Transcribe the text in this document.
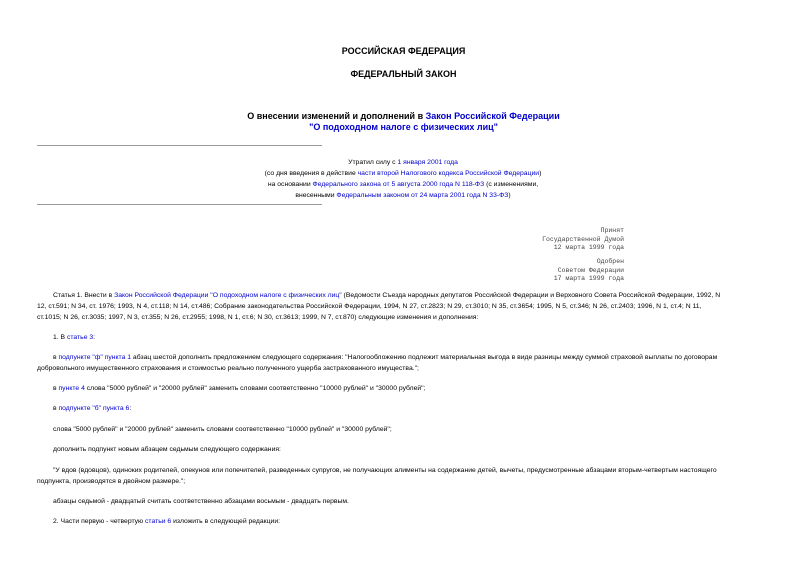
РОССИЙСКАЯ ФЕДЕРАЦИЯ
ФЕДЕРАЛЬНЫЙ ЗАКОН
О внесении изменений и дополнений в Закон Российской Федерации
"О подоходном налоге с физических лиц"
Утратил силу с 1 января 2001 года
(со дня введения в действие части второй Налогового кодекса Российской Федерации)
на основании Федерального закона от 5 августа 2000 года N 118-ФЗ (с изменениями,
внесенными Федеральным законом от 24 марта 2001 года N 33-ФЗ)
Принят
Государственной Думой
12 марта 1999 года
Одобрен
Советом Федерации
17 марта 1999 года
Статья 1. Внести в Закон Российской Федерации "О подоходном налоге с физических лиц" (Ведомости Съезда народных депутатов Российской Федерации и Верховного Совета Российской Федерации, 1992, N
12, ст.591; N 34, ст. 1976; 1993, N 4, ст.118; N 14, ст.486; Собрание законодательства Российской Федерации, 1994, N 27, ст.2823; N 29, ст.3010; N 35, ст.3654; 1995, N 5, ст.346; N 26, ст.2403; 1996, N 1, ст.4; N 11,
ст.1015; N 26, ст.3035; 1997, N 3, ст.355; N 26, ст.2955; 1998, N 1, ст.6; N 30, ст.3613; 1999, N 7, ст.870) следующие изменения и дополнения:
1. В статье 3:
в подпункте "ф" пункта 1 абзац шестой дополнить предложением следующего содержания: "Налогообложению подлежит материальная выгода в виде разницы между суммой страховой выплаты по договорам
добровольного имущественного страхования и стоимостью реально полученного ущерба застрахованного имущества.";
в пункте 4 слова "5000 рублей" и "20000 рублей" заменить словами соответственно "10000 рублей" и "30000 рублей";
в подпункте "б" пункта 6:
слова "5000 рублей" и "20000 рублей" заменить словами соответственно "10000 рублей" и "30000 рублей";
дополнить подпункт новым абзацем седьмым следующего содержания:
"У вдов (вдовцов), одиноких родителей, опекунов или попечителей, разведенных супругов, не получающих алименты на содержание детей, вычеты, предусмотренные абзацами вторым-четвертым настоящего
подпункта, производятся в двойном размере.";
абзацы седьмой - двадцатый считать соответственно абзацами восьмым - двадцать первым.
2. Части первую - четвертую статьи 6 изложить в следующей редакции:
